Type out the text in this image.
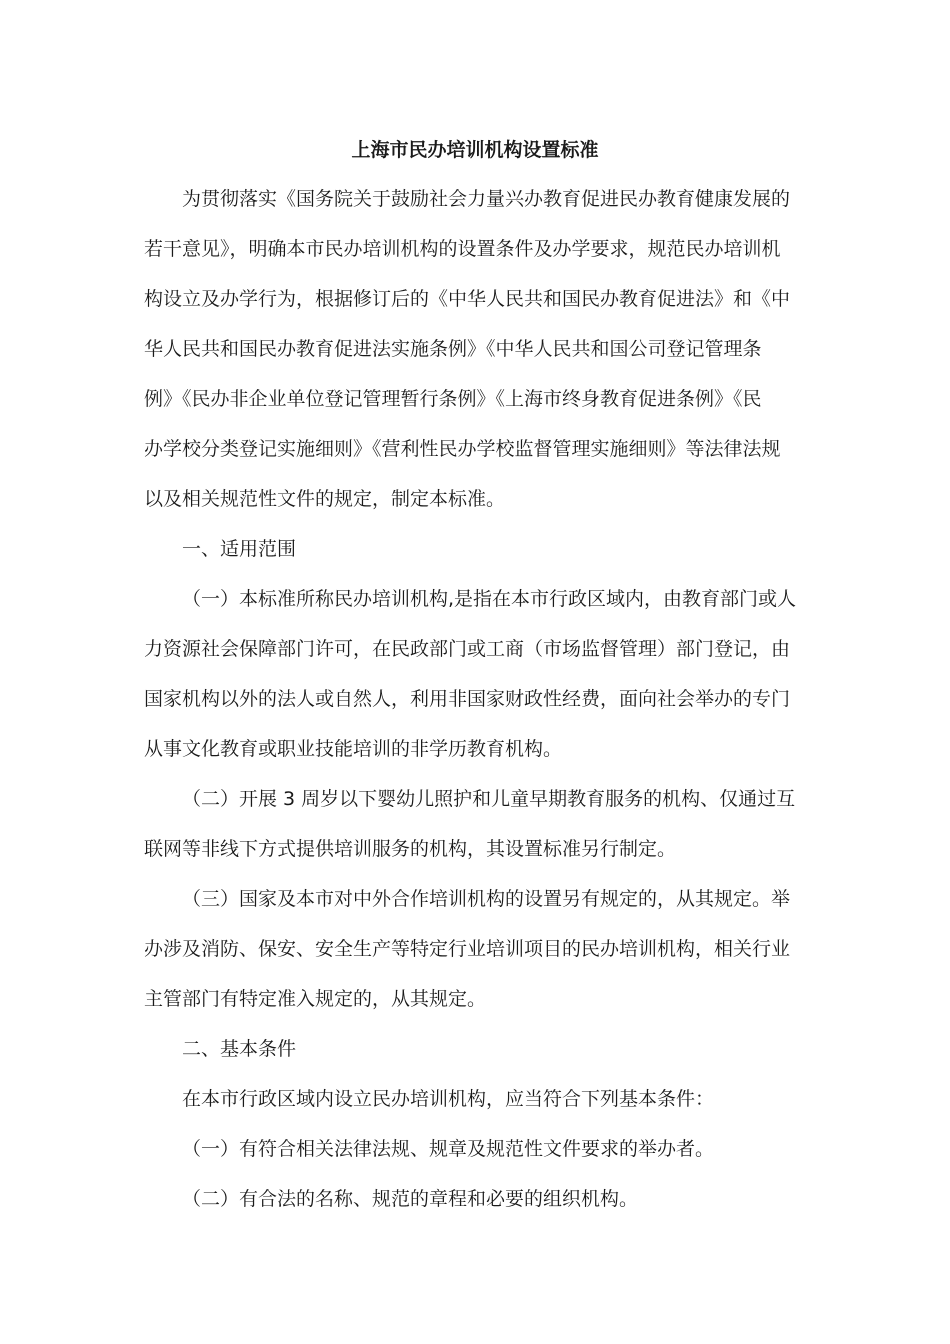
上海市民办培训机构设置标准

为贯彻落实《国务院关于鼓励社会力量兴办教育促进民办教育健康发展的

若干意见》，明确本市民办培训机构的设置条件及办学要求，规范民办培训机

构设立及办学行为，根据修订后的《中华人民共和国民办教育促进法》和《中

华人民共和国民办教育促进法实施条例》《中华人民共和国公司登记管理条

例》《民办非企业单位登记管理暂行条例》《上海市终身教育促进条例》《民

办学校分类登记实施细则》《营利性民办学校监督管理实施细则》等法律法规

以及相关规范性文件的规定，制定本标准。

一、适用范围

（一）本标准所称民办培训机构,是指在本市行政区域内，由教育部门或人

力资源社会保障部门许可，在民政部门或工商（市场监督管理）部门登记，由

国家机构以外的法人或自然人，利用非国家财政性经费，面向社会举办的专门

从事文化教育或职业技能培训的非学历教育机构。

（二）开展 3 周岁以下婴幼儿照护和儿童早期教育服务的机构、仅通过互

联网等非线下方式提供培训服务的机构，其设置标准另行制定。

（三）国家及本市对中外合作培训机构的设置另有规定的，从其规定。举

办涉及消防、保安、安全生产等特定行业培训项目的民办培训机构，相关行业

主管部门有特定准入规定的，从其规定。

二、基本条件

在本市行政区域内设立民办培训机构，应当符合下列基本条件：

（一）有符合相关法律法规、规章及规范性文件要求的举办者。

（二）有合法的名称、规范的章程和必要的组织机构。
